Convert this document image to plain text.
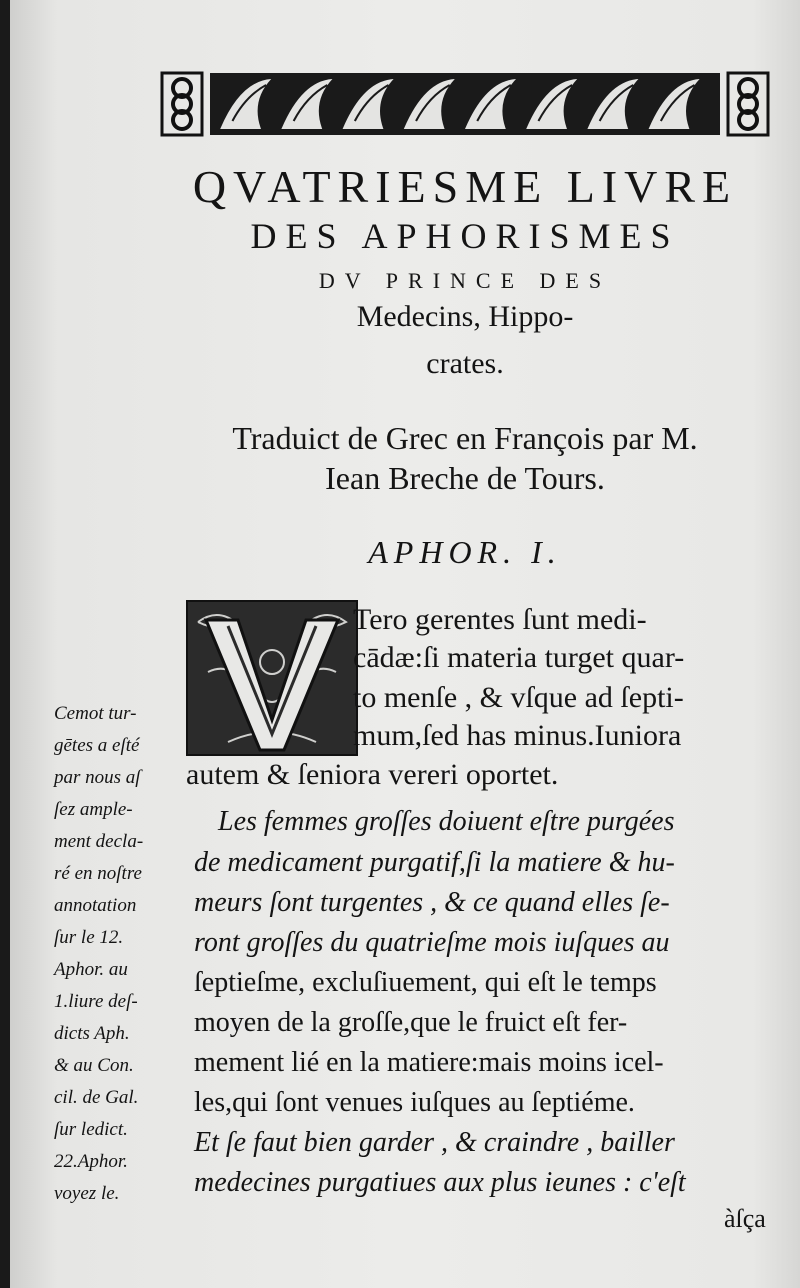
QVATRIESME LIVRE
DES APHORISMES
DV PRINCE DES
Medecins, Hippo-
crates.
Traduict de Grec en François par M.
Iean Breche de Tours.
APHOR. I.
Tero gerentes ſunt medi-
cādæ:ſi materia turget quar-
to menſe , & vſque ad ſepti-
mum,ſed has minus.Iuniora
autem & ſeniora vereri oportet.
Les femmes groſſes doiuent eſtre purgées
de medicament purgatif,ſi la matiere & hu-
meurs ſont turgentes , & ce quand elles ſe-
ront groſſes du quatrieſme mois iuſques au
ſeptieſme, excluſiuement, qui eſt le temps
moyen de la groſſe,que le fruict eſt fer-
mement lié en la matiere:mais moins icel-
les,qui ſont venues iuſques au ſeptiéme.
Et ſe faut bien garder , & craindre , bailler
medecines purgatiues aux plus ieunes : c'eſt
àſça
Cemot tur-
gētes a eſté
par nous aſ
ſez ample-
ment decla-
ré en noſtre
annotation
ſur le 12.
Aphor. au
1.liure deſ-
dicts Aph.
& au Con.
cil. de Gal.
ſur ledict.
22.Aphor.
voyez le.
